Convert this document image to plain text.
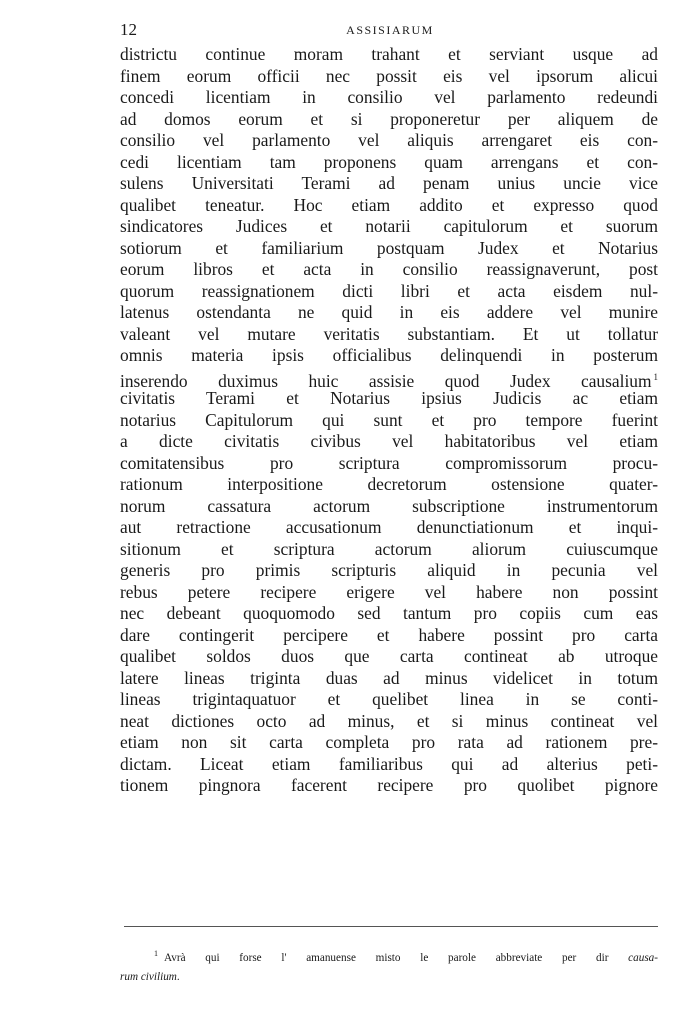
12	ASSISIARUM
districtu continue moram trahant et serviant usque ad
finem eorum officii nec possit eis vel ipsorum alicui
concedi licentiam in consilio vel parlamento redeundi
ad domos eorum et si proponeretur per aliquem de
consilio vel parlamento vel aliquis arrengaret eis con-
cedi licentiam tam proponens quam arrengans et con-
sulens Universitati Terami ad penam unius uncie vice
qualibet teneatur. Hoc etiam addito et expresso quod
sindicatores Judices et notarii capitulorum et suorum
sotiorum et familiarium postquam Judex et Notarius
eorum libros et acta in consilio reassignaverunt, post
quorum reassignationem dicti libri et acta eisdem nul-
latenus ostendanta ne quid in eis addere vel munire
valeant vel mutare veritatis substantiam. Et ut tollatur
omnis materia ipsis officialibus delinquendi in posterum
inserendo duximus huic assisie quod Judex causalium $^1$
civitatis Terami et Notarius ipsius Judicis ac etiam
notarius Capitulorum qui sunt et pro tempore fuerint
a dicte civitatis civibus vel habitatoribus vel etiam
comitatensibus pro scriptura compromissorum procu-
rationum interpositione decretorum ostensione quater-
norum cassatura actorum subscriptione instrumentorum
aut retractione accusationum denunctiationum et inqui-
sitionum et scriptura actorum aliorum cuiuscumque
generis pro primis scripturis aliquid in pecunia vel
rebus petere recipere erigere vel habere non possint
nec debeant quoquomodo sed tantum pro copiis cum eas
dare contingerit percipere et habere possint pro carta
qualibet soldos duos que carta contineat ab utroque
latere lineas triginta duas ad minus videlicet in totum
lineas trigintaquatuor et quelibet linea in se conti-
neat dictiones octo ad minus, et si minus contineat vel
etiam non sit carta completa pro rata ad rationem pre-
dictam. Liceat etiam familiaribus qui ad alterius peti-
tionem pingnora facerent recipere pro quolibet pignore
$^1$ Avrà qui forse l' amanuense misto le parole abbreviate per dir causa-
rum civilium.
